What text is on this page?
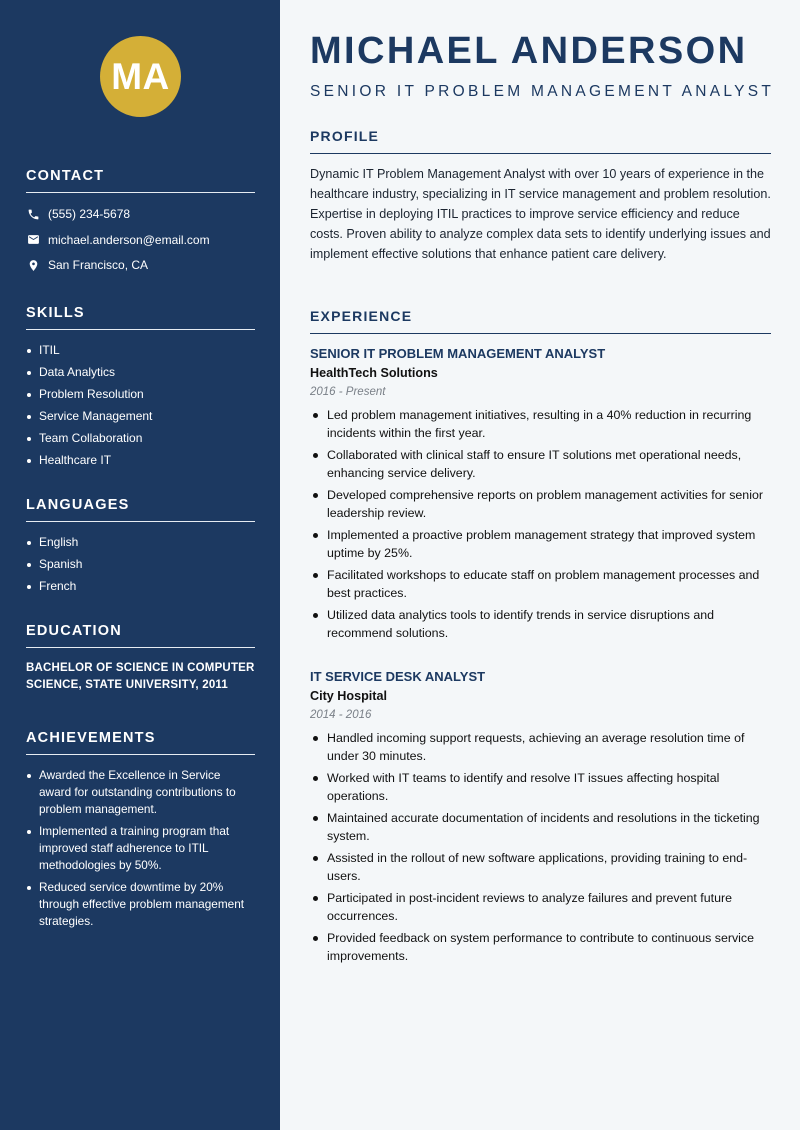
MA
CONTACT
(555) 234-5678
michael.anderson@email.com
San Francisco, CA
SKILLS
ITIL
Data Analytics
Problem Resolution
Service Management
Team Collaboration
Healthcare IT
LANGUAGES
English
Spanish
French
EDUCATION
BACHELOR OF SCIENCE IN COMPUTER SCIENCE, STATE UNIVERSITY, 2011
ACHIEVEMENTS
Awarded the Excellence in Service award for outstanding contributions to problem management.
Implemented a training program that improved staff adherence to ITIL methodologies by 50%.
Reduced service downtime by 20% through effective problem management strategies.
MICHAEL ANDERSON
SENIOR IT PROBLEM MANAGEMENT ANALYST
PROFILE
Dynamic IT Problem Management Analyst with over 10 years of experience in the healthcare industry, specializing in IT service management and problem resolution. Expertise in deploying ITIL practices to improve service efficiency and reduce costs. Proven ability to analyze complex data sets to identify underlying issues and implement effective solutions that enhance patient care delivery.
EXPERIENCE
SENIOR IT PROBLEM MANAGEMENT ANALYST
HealthTech Solutions
2016 - Present
Led problem management initiatives, resulting in a 40% reduction in recurring incidents within the first year.
Collaborated with clinical staff to ensure IT solutions met operational needs, enhancing service delivery.
Developed comprehensive reports on problem management activities for senior leadership review.
Implemented a proactive problem management strategy that improved system uptime by 25%.
Facilitated workshops to educate staff on problem management processes and best practices.
Utilized data analytics tools to identify trends in service disruptions and recommend solutions.
IT SERVICE DESK ANALYST
City Hospital
2014 - 2016
Handled incoming support requests, achieving an average resolution time of under 30 minutes.
Worked with IT teams to identify and resolve IT issues affecting hospital operations.
Maintained accurate documentation of incidents and resolutions in the ticketing system.
Assisted in the rollout of new software applications, providing training to end-users.
Participated in post-incident reviews to analyze failures and prevent future occurrences.
Provided feedback on system performance to contribute to continuous service improvements.
